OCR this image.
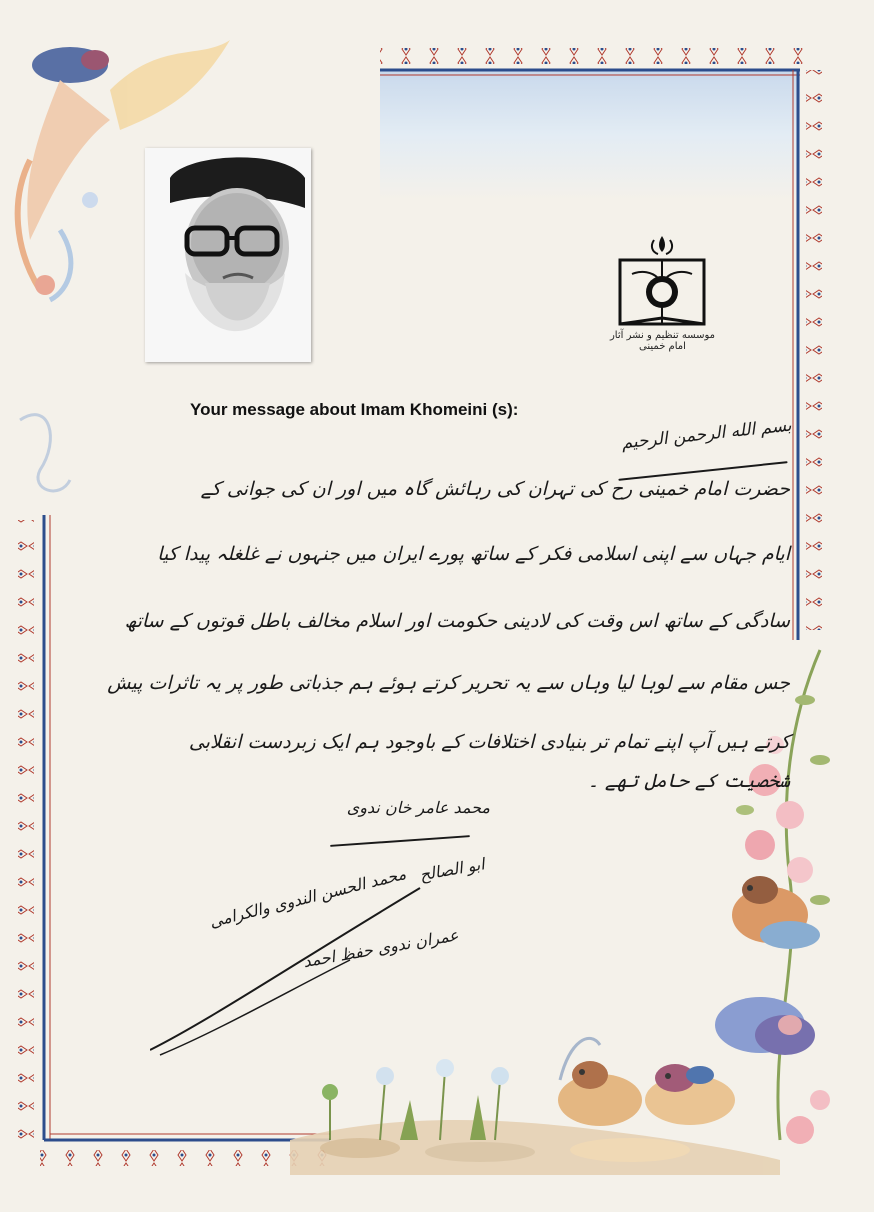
موسسه تنظیم و نشر آثار امام خمینی
Your message about Imam Khomeini (s):
بسم الله الرحمن الرحیم
حضرت امام خمینی رح کی تہران کی رہائش گاہ میں اور ان کی جوانی کے
ایام جہاں سے اپنی اسلامی فکر کے ساتھ پورے ایران میں جنہوں نے غلغلہ پیدا کیا
سادگی کے ساتھ اس وقت کی لادینی حکومت اور اسلام مخالف باطل قوتوں کے ساتھ
جس مقام سے لوہا لیا وہاں سے یہ تحریر کرتے ہوئے ہم جذباتی طور پر یہ تاثرات پیش
کرتے ہیں آپ اپنے تمام تر بنیادی اختلافات کے باوجود ہم ایک زبردست انقلابی
شخصیت کے حامل تھے ۔
محمد عامر خان ندوی
ابو الصالح
محمد الحسن الندوی والکرامی
عمران ندوی حفظ احمد
